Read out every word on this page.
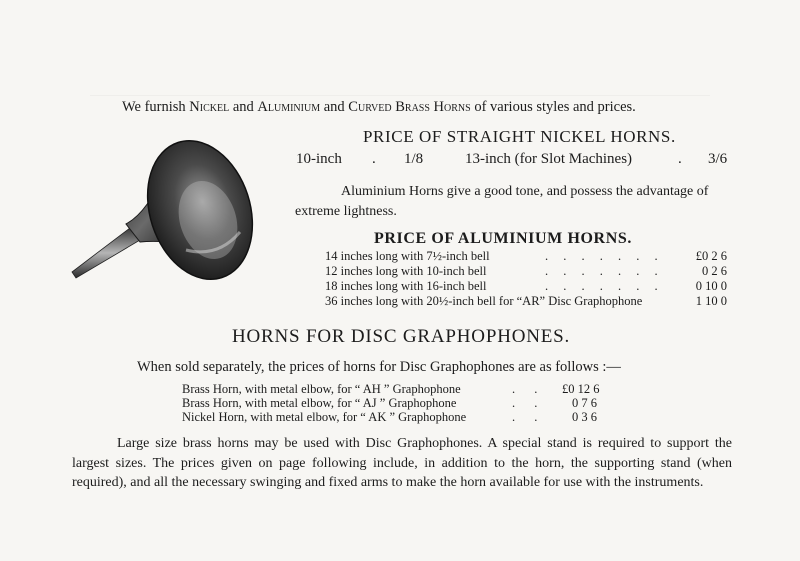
We furnish Nickel and Aluminium and Curved Brass Horns of various styles and prices.
PRICE OF STRAIGHT NICKEL HORNS.
10-inch . 1/8	13-inch (for Slot Machines)	. 3/6
Aluminium Horns give a good tone, and possess the advantage of extreme lightness.
PRICE OF ALUMINIUM HORNS.
14 inches long with 7½-inch bell	. . . . . . .	£0 2 6
12 inches long with 10-inch bell	. . . . . . .	0 2 6
18 inches long with 16-inch bell	. . . . . . .	0 10 0
36 inches long with 20½-inch bell for “AR” Disc Graphophone	1 10 0
HORNS FOR DISC GRAPHOPHONES.
When sold separately, the prices of horns for Disc Graphophones are as follows :—
Brass Horn, with metal elbow, for “ AH ” Graphophone	. .	£0 12 6
Brass Horn, with metal elbow, for “ AJ ” Graphophone	. .	0 7 6
Nickel Horn, with metal elbow, for “ AK ” Graphophone	. .	0 3 6
Large size brass horns may be used with Disc Graphophones. A special stand is required to support the largest sizes. The prices given on page following include, in addition to the horn, the supporting stand (when required), and all the necessary swinging and fixed arms to make the horn available for use with the instruments.
